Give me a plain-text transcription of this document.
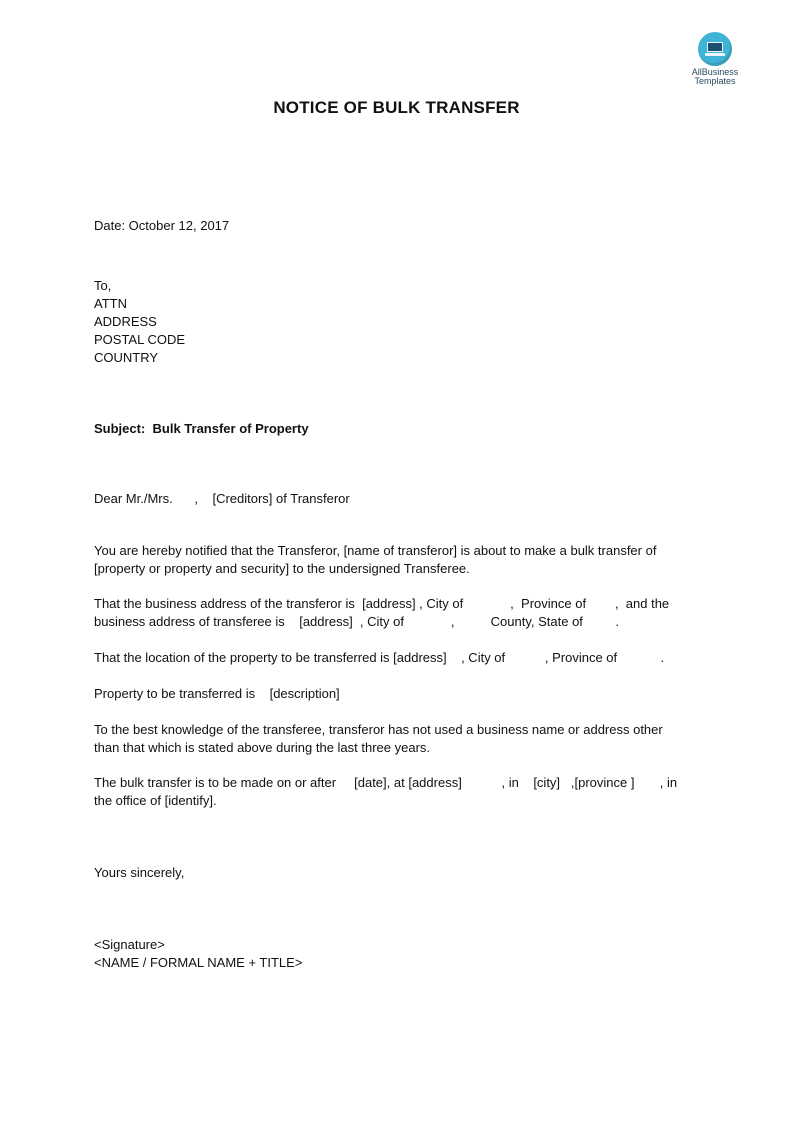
AllBusiness
Templates
NOTICE OF BULK TRANSFER
Date: October 12, 2017
To,
ATTN
ADDRESS
POSTAL CODE
COUNTRY
Subject:  Bulk Transfer of Property
Dear Mr./Mrs.      ,    [Creditors] of Transferor
You are hereby notified that the Transferor, [name of transferor] is about to make a bulk transfer of
[property or property and security] to the undersigned Transferee.
That the business address of the transferor is  [address] , City of             ,  Province of        ,  and the
business address of transferee is    [address]  , City of             ,          County, State of         .
That the location of the property to be transferred is [address]    , City of           , Province of            .
Property to be transferred is    [description]
To the best knowledge of the transferee, transferor has not used a business name or address other
than that which is stated above during the last three years.
The bulk transfer is to be made on or after     [date], at [address]           , in    [city]   ,[province ]       , in
the office of [identify].
Yours sincerely,
<Signature>
<NAME / FORMAL NAME + TITLE>
